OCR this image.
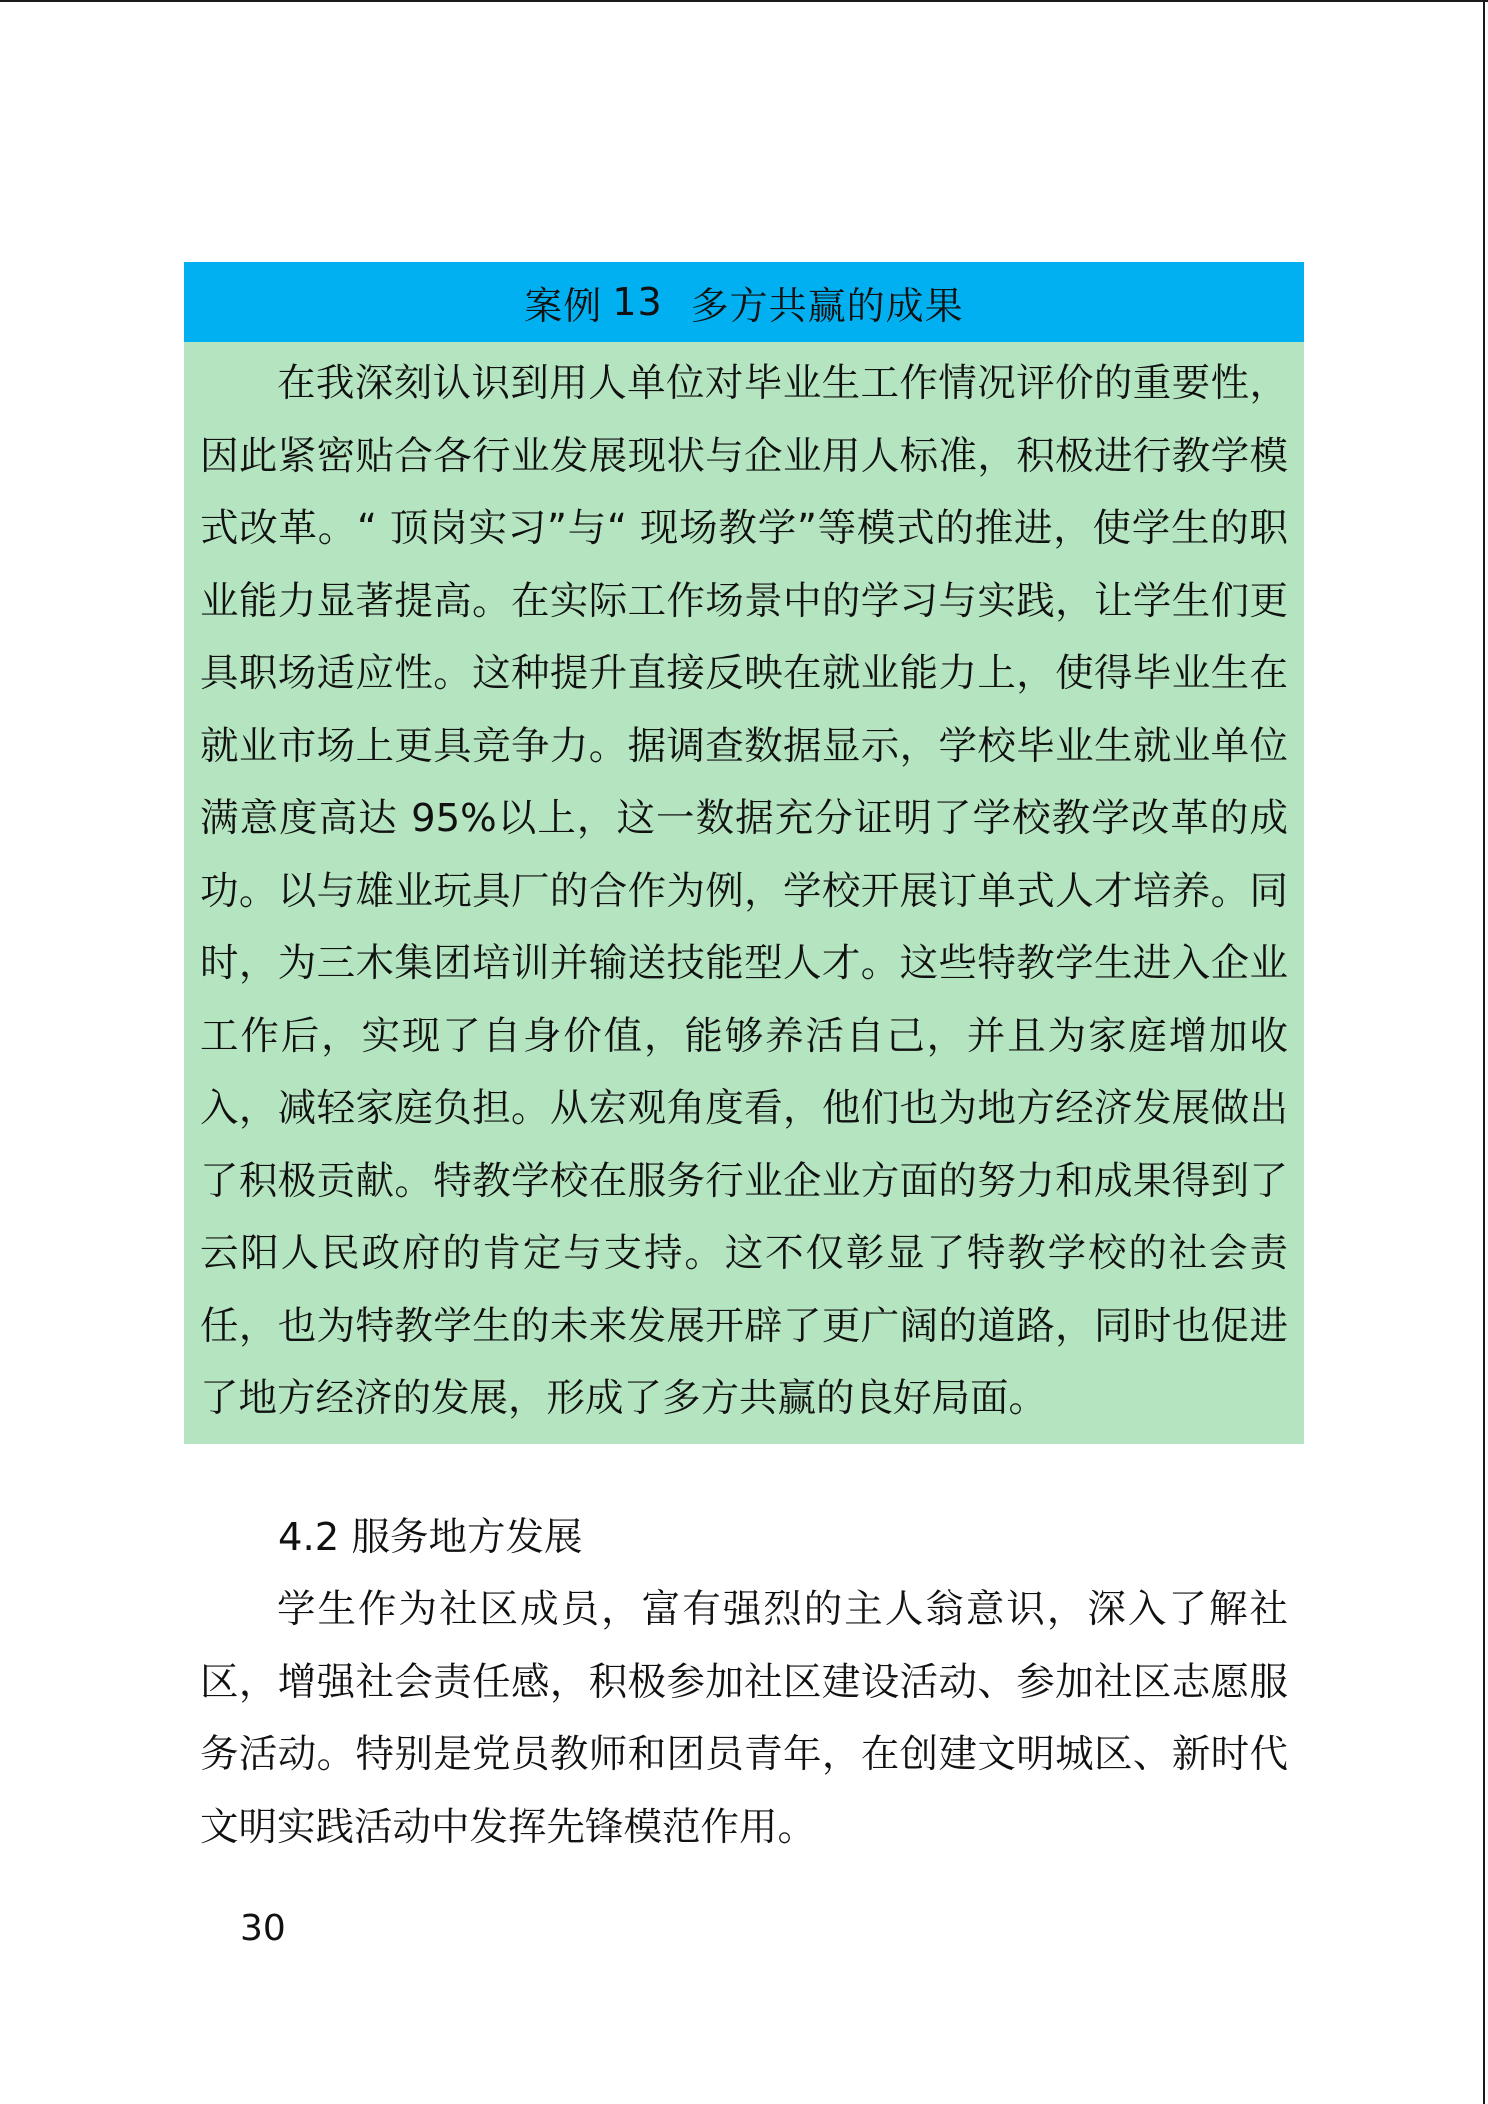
案例 13 多方共赢的成果

在我深刻认识到用人单位对毕业生工作情况评价的重要性，因此紧密贴合各行业发展现状与企业用人标准，积极进行教学模式改革。“ 顶岗实习”与“ 现场教学”等模式的推进，使学生的职业能力显著提高。在实际工作场景中的学习与实践，让学生们更具职场适应性。这种提升直接反映在就业能力上，使得毕业生在就业市场上更具竞争力。据调查数据显示，学校毕业生就业单位满意度高达 95%以上，这一数据充分证明了学校教学改革的成功。以与雄业玩具厂的合作为例，学校开展订单式人才培养。同时，为三木集团培训并输送技能型人才。这些特教学生进入企业工作后，实现了自身价值，能够养活自己，并且为家庭增加收入，减轻家庭负担。从宏观角度看，他们也为地方经济发展做出了积极贡献。特教学校在服务行业企业方面的努力和成果得到了云阳人民政府的肯定与支持。这不仅彰显了特教学校的社会责任，也为特教学生的未来发展开辟了更广阔的道路，同时也促进了地方经济的发展，形成了多方共赢的良好局面。

4.2 服务地方发展

学生作为社区成员，富有强烈的主人翁意识，深入了解社区，增强社会责任感，积极参加社区建设活动、参加社区志愿服务活动。特别是党员教师和团员青年，在创建文明城区、新时代文明实践活动中发挥先锋模范作用。

30
